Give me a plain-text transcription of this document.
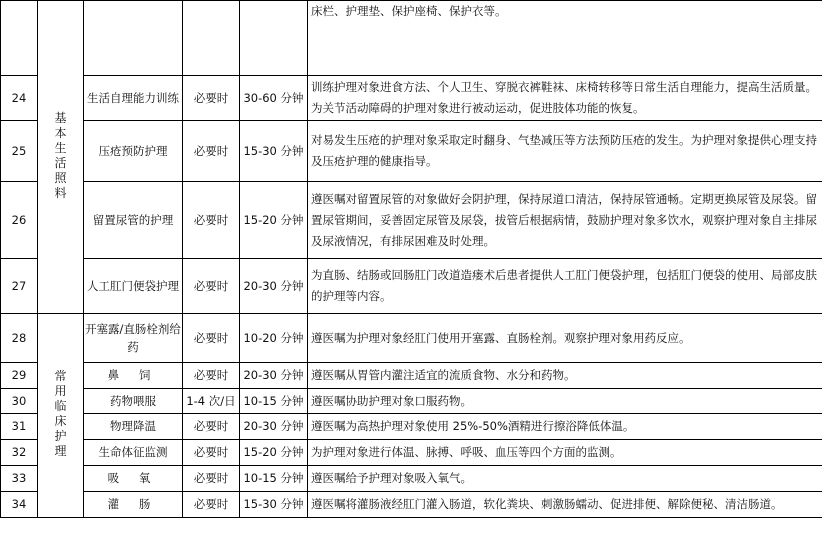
	基本生活照料				床栏、护理垫、保护座椅、保护衣等。
24		生活自理能力训练	必要时	30-60 分钟	训练护理对象进食方法、个人卫生、穿脱衣裤鞋袜、床椅转移等日常生活自理能力，提高生活质量。为关节活动障碍的护理对象进行被动运动，促进肢体功能的恢复。
25		压疮预防护理	必要时	15-30 分钟	对易发生压疮的护理对象采取定时翻身、气垫减压等方法预防压疮的发生。为护理对象提供心理支持及压疮护理的健康指导。
26		留置尿管的护理	必要时	15-20 分钟	遵医嘱对留置尿管的对象做好会阴护理，保持尿道口清洁，保持尿管通畅。定期更换尿管及尿袋。留置尿管期间，妥善固定尿管及尿袋，拔管后根据病情，鼓励护理对象多饮水，观察护理对象自主排尿及尿液情况，有排尿困难及时处理。
27		人工肛门便袋护理	必要时	20-30 分钟	为直肠、结肠或回肠肛门改道造瘘术后患者提供人工肛门便袋护理，包括肛门便袋的使用、局部皮肤的护理等内容。
28	常用临床护理	开塞露/直肠栓剂给药	必要时	10-20 分钟	遵医嘱为护理对象经肛门使用开塞露、直肠栓剂。观察护理对象用药反应。
29		鼻 饲	必要时	20-30 分钟	遵医嘱从胃管内灌注适宜的流质食物、水分和药物。
30		药物喂服	1-4 次/日	10-15 分钟	遵医嘱协助护理对象口服药物。
31		物理降温	必要时	20-30 分钟	遵医嘱为高热护理对象使用 25%-50%酒精进行擦浴降低体温。
32		生命体征监测	必要时	15-20 分钟	为护理对象进行体温、脉搏、呼吸、血压等四个方面的监测。
33		吸 氧	必要时	10-15 分钟	遵医嘱给予护理对象吸入氧气。
34		灌 肠	必要时	15-30 分钟	遵医嘱将灌肠液经肛门灌入肠道，软化粪块、刺激肠蠕动、促进排便、解除便秘、清洁肠道。
